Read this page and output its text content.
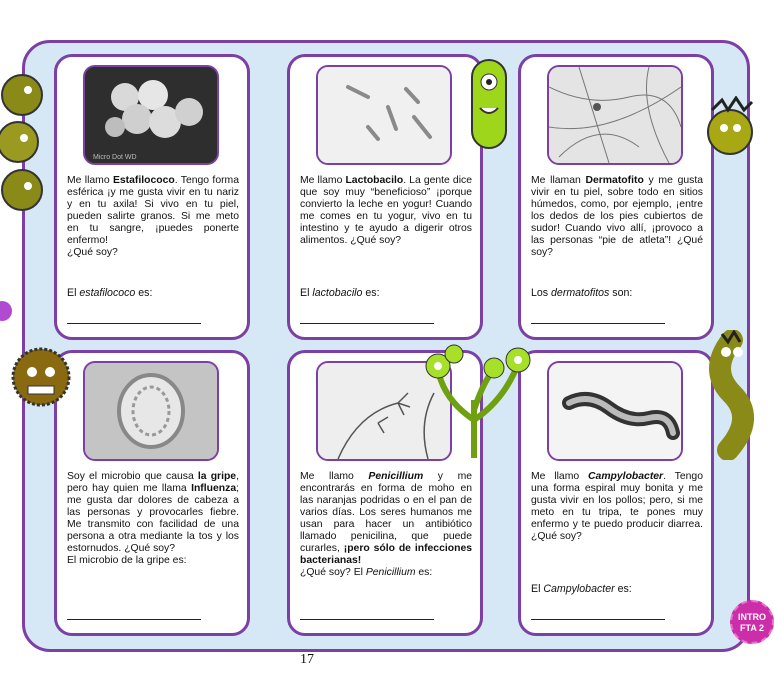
Micro Dot WD
Me llamo Estafilococo. Tengo forma esférica ¡y me gusta vivir en tu nariz y en tu axila! Si vivo en tu piel, pueden salirte granos. Si me meto en tu sangre, ¡puedes ponerte enfermo!
¿Qué soy?
El estafilococo es:
Me llamo Lactobacilo. La gente dice que soy muy “beneficioso” ¡porque convierto la leche en yogur! Cuando me comes en tu yogur, vivo en tu intestino y te ayudo a digerir otros alimentos. ¿Qué soy?
El lactobacilo es:
Me llaman Dermatofito y me gusta vivir en tu piel, sobre todo en sitios húmedos, como, por ejemplo, ¡entre los dedos de los pies cubiertos de sudor! Cuando vivo allí, ¡provoco a las personas “pie de atleta”! ¿Qué soy?
Los dermatofitos son:
Soy el microbio que causa la gripe, pero hay quien me llama Influenza; me gusta dar dolores de cabeza a las personas y provocarles fiebre. Me transmito con facilidad de una persona a otra mediante la tos y los estornudos. ¿Qué soy?
El microbio de la gripe es:
Me llamo Penicillium y me encontrarás en forma de moho en las naranjas podridas o en el pan de varios días. Los seres humanos me usan para hacer un antibiótico llamado penicilina, que puede curarles, ¡pero sólo de infecciones bacterianas!
¿Qué soy? El Penicillium es:
Me llamo Campylobacter. Tengo una forma espiral muy bonita y me gusta vivir en los pollos; pero, si me meto en tu tripa, te pones muy enfermo y te puedo producir diarrea. ¿Qué soy?
El Campylobacter es:
17
INTRO
FTA 2
